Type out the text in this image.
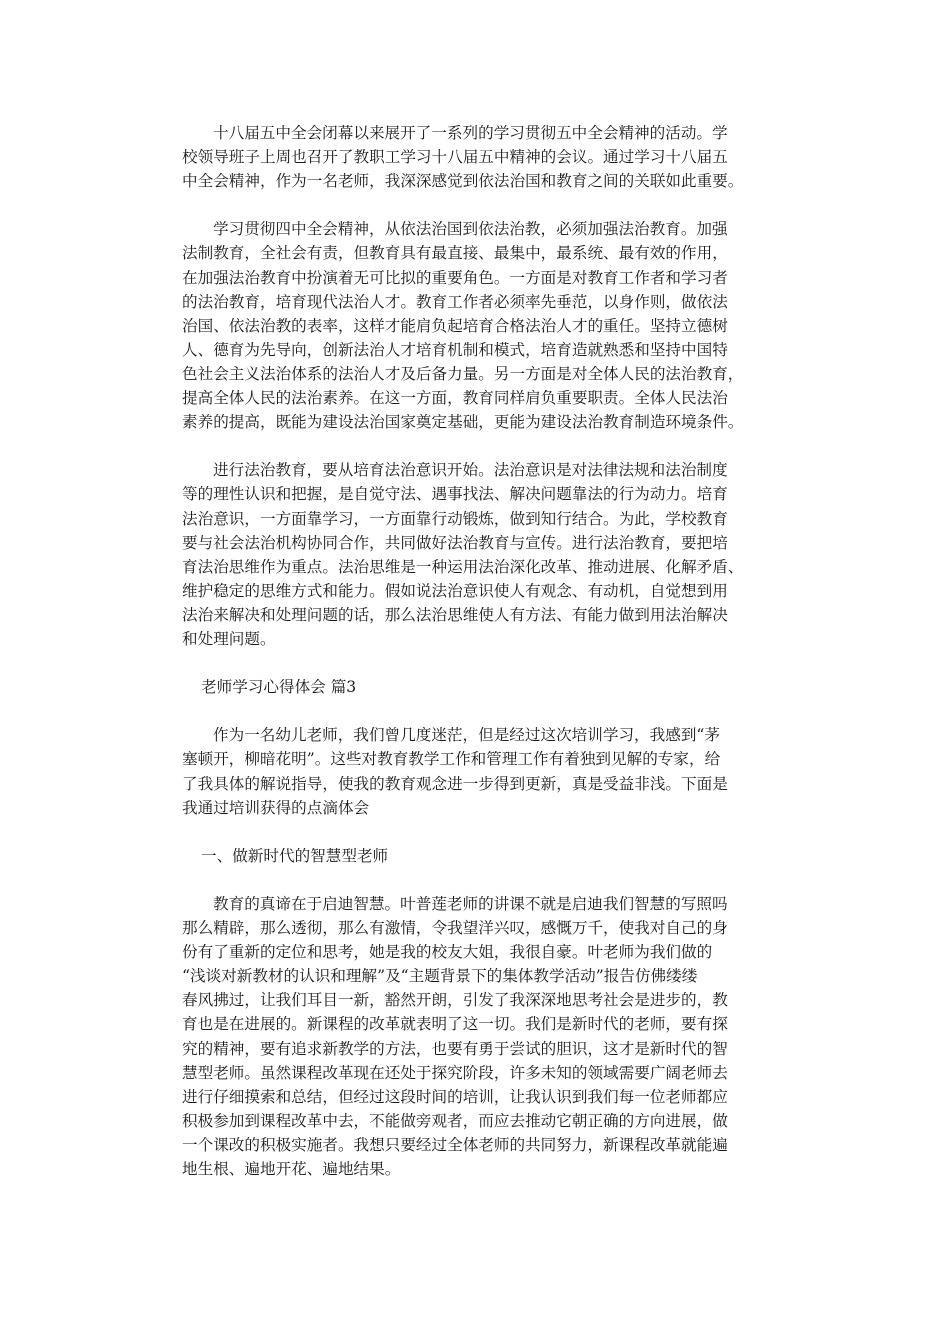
十八届五中全会闭幕以来展开了一系列的学习贯彻五中全会精神的活动。学
校领导班子上周也召开了教职工学习十八届五中精神的会议。通过学习十八届五
中全会精神，作为一名老师，我深深感觉到依法治国和教育之间的关联如此重要。
学习贯彻四中全会精神，从依法治国到依法治教，必须加强法治教育。加强
法制教育，全社会有责，但教育具有最直接、最集中，最系统、最有效的作用，
在加强法治教育中扮演着无可比拟的重要角色。一方面是对教育工作者和学习者
的法治教育，培育现代法治人才。教育工作者必须率先垂范，以身作则，做依法
治国、依法治教的表率，这样才能肩负起培育合格法治人才的重任。坚持立德树
人、德育为先导向，创新法治人才培育机制和模式，培育造就熟悉和坚持中国特
色社会主义法治体系的法治人才及后备力量。另一方面是对全体人民的法治教育，
提高全体人民的法治素养。在这一方面，教育同样肩负重要职责。全体人民法治
素养的提高，既能为建设法治国家奠定基础，更能为建设法治教育制造环境条件。
进行法治教育，要从培育法治意识开始。法治意识是对法律法规和法治制度
等的理性认识和把握，是自觉守法、遇事找法、解决问题靠法的行为动力。培育
法治意识，一方面靠学习，一方面靠行动锻炼，做到知行结合。为此，学校教育
要与社会法治机构协同合作，共同做好法治教育与宣传。进行法治教育，要把培
育法治思维作为重点。法治思维是一种运用法治深化改革、推动进展、化解矛盾、
维护稳定的思维方式和能力。假如说法治意识使人有观念、有动机，自觉想到用
法治来解决和处理问题的话，那么法治思维使人有方法、有能力做到用法治解决
和处理问题。
老师学习心得体会 篇3
作为一名幼儿老师，我们曾几度迷茫，但是经过这次培训学习，我感到“茅
塞顿开，柳暗花明”。这些对教育教学工作和管理工作有着独到见解的专家，给
了我具体的解说指导，使我的教育观念进一步得到更新，真是受益非浅。下面是
我通过培训获得的点滴体会
一、做新时代的智慧型老师
教育的真谛在于启迪智慧。叶普莲老师的讲课不就是启迪我们智慧的写照吗
那么精辟，那么透彻，那么有激情，令我望洋兴叹，感慨万千，使我对自己的身
份有了重新的定位和思考，她是我的校友大姐，我很自豪。叶老师为我们做的
“浅谈对新教材的认识和理解”及“主题背景下的集体教学活动”报告仿佛缕缕
春风拂过，让我们耳目一新，豁然开朗，引发了我深深地思考社会是进步的，教
育也是在进展的。新课程的改革就表明了这一切。我们是新时代的老师，要有探
究的精神，要有追求新教学的方法，也要有勇于尝试的胆识，这才是新时代的智
慧型老师。虽然课程改革现在还处于探究阶段，许多未知的领域需要广阔老师去
进行仔细摸索和总结，但经过这段时间的培训，让我认识到我们每一位老师都应
积极参加到课程改革中去，不能做旁观者，而应去推动它朝正确的方向进展，做
一个课改的积极实施者。我想只要经过全体老师的共同努力，新课程改革就能遍
地生根、遍地开花、遍地结果。
